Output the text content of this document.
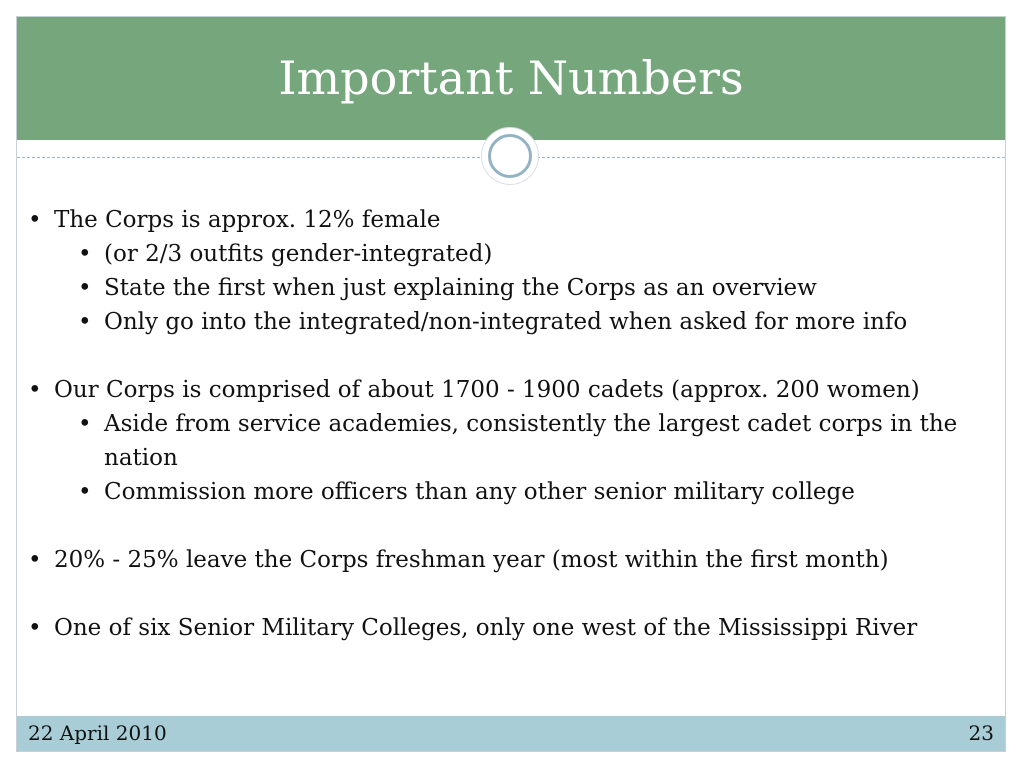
Important Numbers
• The Corps is approx. 12% female
• (or 2/3 outfits gender-integrated)
• State the first when just explaining the Corps as an overview
• Only go into the integrated/non-integrated when asked for more info
• Our Corps is comprised of about 1700 - 1900 cadets (approx. 200 women)
• Aside from service academies, consistently the largest cadet corps in the nation
• Commission more officers than any other senior military college
• 20% - 25% leave the Corps freshman year (most within the first month)
• One of six Senior Military Colleges, only one west of the Mississippi River
22 April 2010	23
